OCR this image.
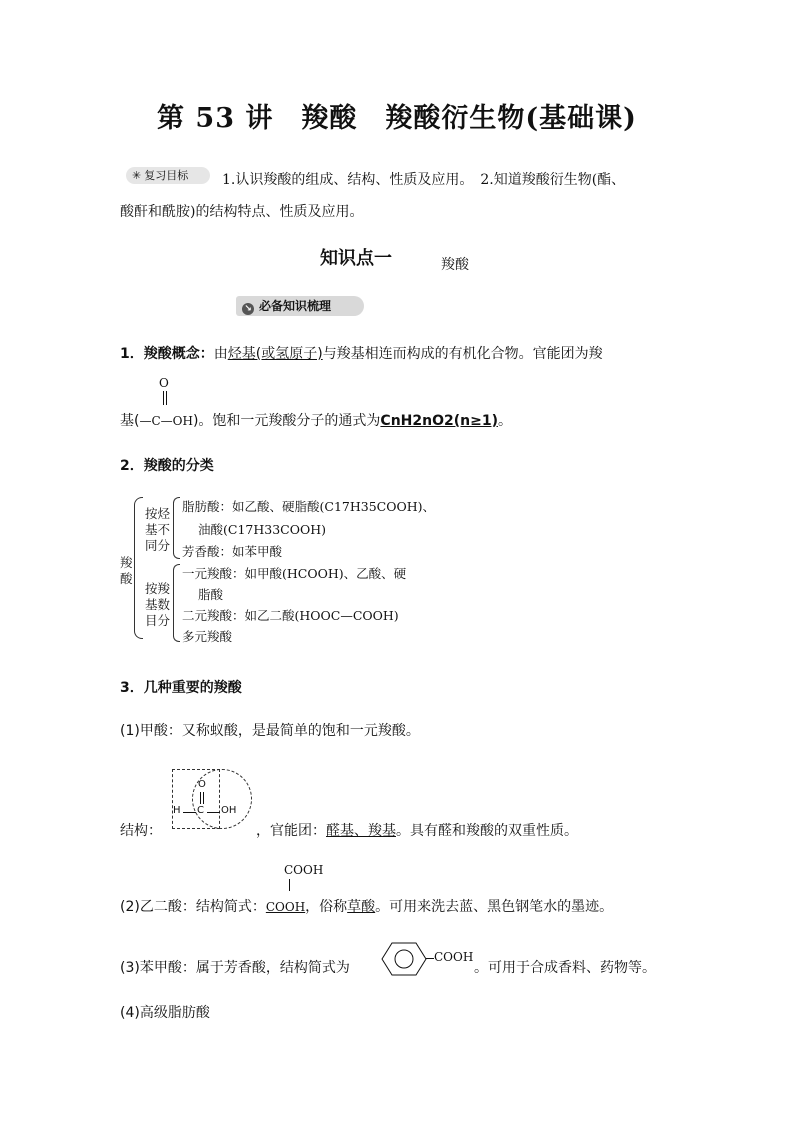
第 53 讲　羧酸　羧酸衍生物(基础课)
✳ 复习目标	1.认识羧酸的组成、结构、性质及应用。　2.知道羧酸衍生物(酯、
酸酐和酰胺)的结构特点、性质及应用。
知识点一	羧酸
↘ 必备知识梳理
1．羧酸概念：由烃基(或氢原子)与羧基相连而构成的有机化合物。官能团为羧
O
基(—C—OH)。饱和一元羧酸分子的通式为CnH2nO2(n≥1)。
2．羧酸的分类
羧酸
按烃基不同分
脂肪酸：如乙酸、硬脂酸(C17H35COOH)、
油酸(C17H33COOH)
芳香酸：如苯甲酸
按羧基数目分
一元羧酸：如甲酸(HCOOH)、乙酸、硬
脂酸
二元羧酸：如乙二酸(HOOC—COOH)
多元羧酸
3．几种重要的羧酸
(1)甲酸：又称蚁酸，是最简单的饱和一元羧酸。
O
H C OH
结构：	，官能团：醛基、羧基。具有醛和羧酸的双重性质。
COOH
(2)乙二酸：结构简式：COOH，俗称草酸。可用来洗去蓝、黑色钢笔水的墨迹。
(3)苯甲酸：属于芳香酸，结构简式为
COOH
。可用于合成香料、药物等。
(4)高级脂肪酸
